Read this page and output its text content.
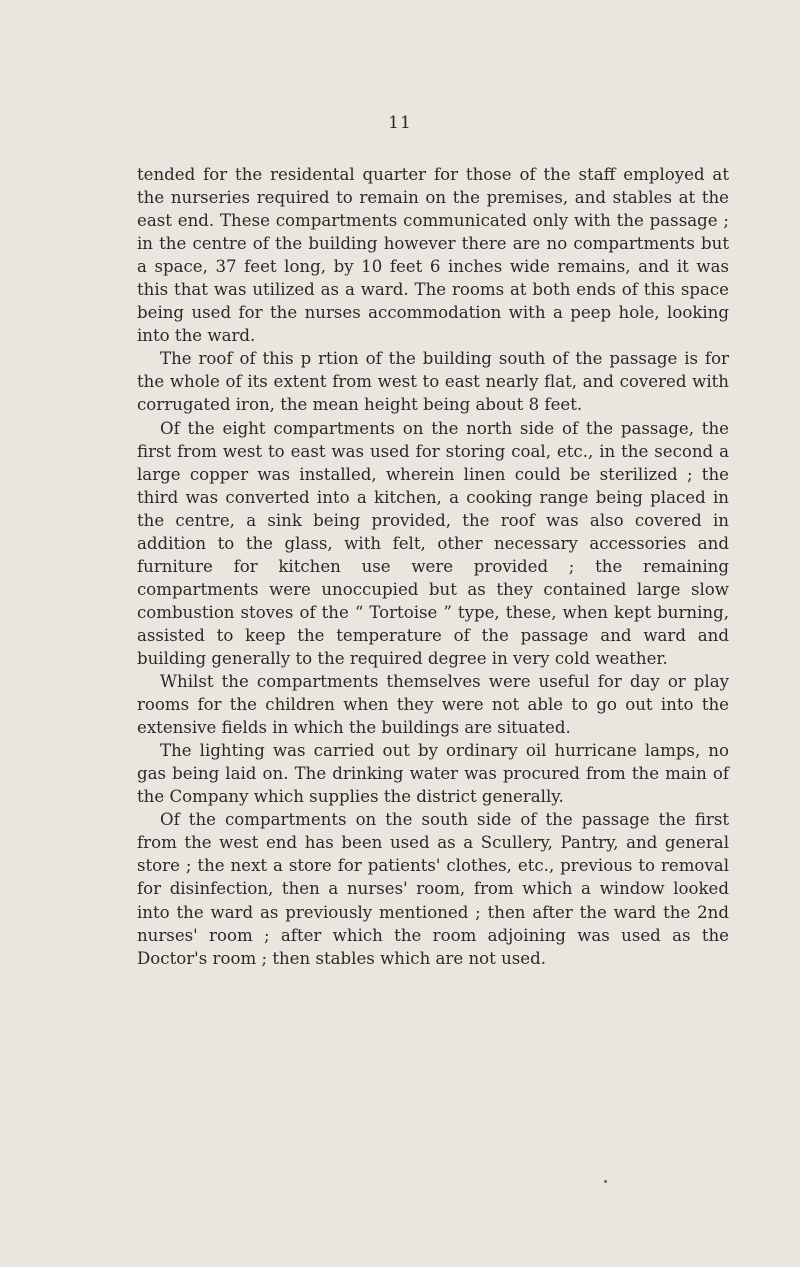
11

tended for the residental quarter for those of the staff employed at the nurseries required to remain on the premises, and stables at the east end. These compartments communicated only with the passage ; in the centre of the building however there are no compartments but a space, 37 feet long, by 10 feet 6 inches wide remains, and it was this that was utilized as a ward. The rooms at both ends of this space being used for the nurses accommodation with a peep hole, looking into the ward.

The roof of this p rtion of the building south of the passage is for the whole of its extent from west to east nearly flat, and covered with corrugated iron, the mean height being about 8 feet.

Of the eight compartments on the north side of the passage, the first from west to east was used for storing coal, etc., in the second a large copper was installed, wherein linen could be sterilized ; the third was converted into a kitchen, a cooking range being placed in the centre, a sink being provided, the roof was also covered in addition to the glass, with felt, other necessary accessories and furniture for kitchen use were provided ; the remaining compartments were unoccupied but as they contained large slow combustion stoves of the “ Tortoise ” type, these, when kept burning, assisted to keep the temperature of the passage and ward and building generally to the required degree in very cold weather.

Whilst the compartments themselves were useful for day or play rooms for the children when they were not able to go out into the extensive fields in which the buildings are situated.

The lighting was carried out by ordinary oil hurricane lamps, no gas being laid on. The drinking water was procured from the main of the Company which supplies the district generally.

Of the compartments on the south side of the passage the first from the west end has been used as a Scullery, Pantry, and general store ; the next a store for patients' clothes, etc., previous to removal for disinfection, then a nurses' room, from which a window looked into the ward as previously mentioned ; then after the ward the 2nd nurses' room ; after which the room adjoining was used as the Doctor's room ; then stables which are not used.
